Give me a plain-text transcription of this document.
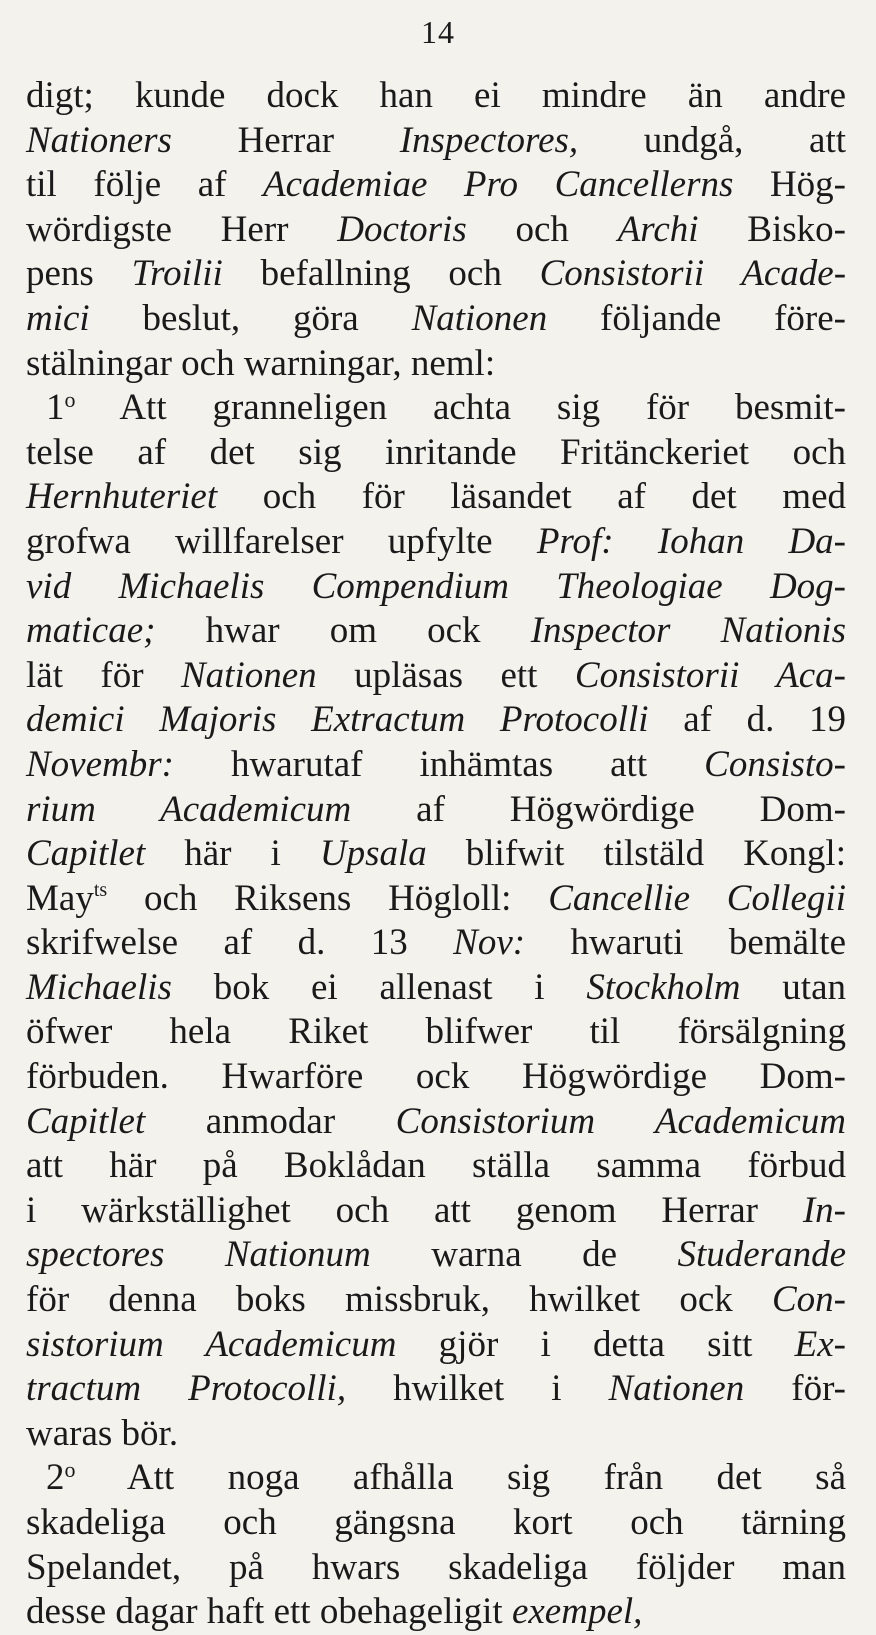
14
digt; kunde dock han ei mindre än andre
Nationers Herrar Inspectores, undgå, att
til följe af Academiae Pro Cancellerns Hög-
wördigste Herr Doctoris och Archi Bisko-
pens Troilii befallning och Consistorii Acade-
mici beslut, göra Nationen följande före-
stälningar och warningar, neml:
1$^o$ Att granneligen achta sig för besmit-
telse af det sig inritande Fritänckeriet och
Hernhuteriet och för läsandet af det med
grofwa willfarelser upfylte Prof: Iohan Da-
vid Michaelis Compendium Theologiae Dog-
maticae; hwar om ock Inspector Nationis
lät för Nationen upläsas ett Consistorii Aca-
demici Majoris Extractum Protocolli af d. 19
Novembr: hwarutaf inhämtas att Consisto-
rium Academicum af Högwördige Dom-
Capitlet här i Upsala blifwit tilstäld Kongl:
May$^{ts}$ och Riksens Högloll: Cancellie Collegii
skrifwelse af d. 13 Nov: hwaruti bemälte
Michaelis bok ei allenast i Stockholm utan
öfwer hela Riket blifwer til försälgning
förbuden. Hwarföre ock Högwördige Dom-
Capitlet anmodar Consistorium Academicum
att här på Boklådan ställa samma förbud
i wärkställighet och att genom Herrar In-
spectores Nationum warna de Studerande
för denna boks missbruk, hwilket ock Con-
sistorium Academicum gjör i detta sitt Ex-
tractum Protocolli, hwilket i Nationen för-
waras bör.
2$^o$ Att noga afhålla sig från det så
skadeliga och gängsna kort och tärning
Spelandet, på hwars skadeliga följder man
desse dagar haft ett obehageligit exempel,
